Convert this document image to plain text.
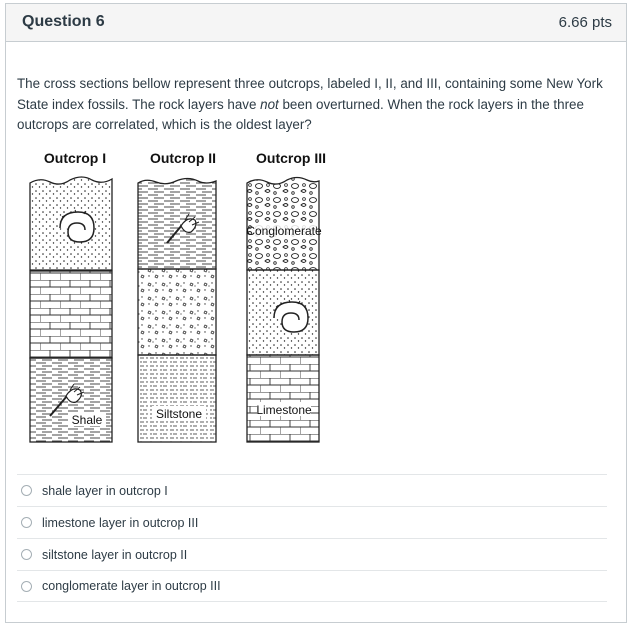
Question 6	6.66 pts
The cross sections bellow represent three outcrops, labeled I, II, and III, containing some New York State index fossils. The rock layers have not been overturned. When the rock layers in the three outcrops are correlated, which is the oldest layer?
Outcrop I	Outcrop II	Outcrop III
Shale	Siltstone
Conglomerate
Limestone
shale layer in outcrop I
limestone layer in outcrop III
siltstone layer in outcrop II
conglomerate layer in outcrop III
